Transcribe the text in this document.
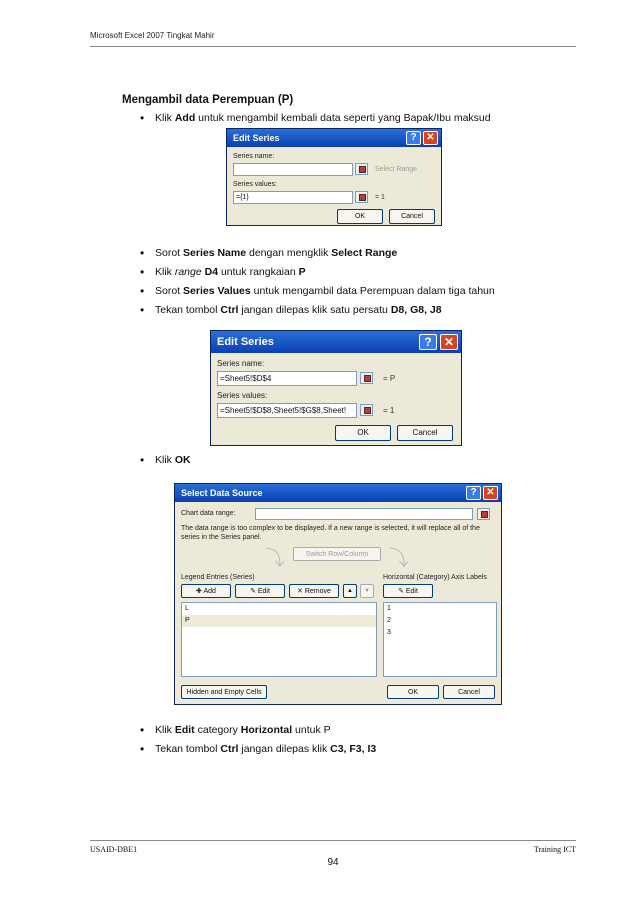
Microsoft Excel 2007 Tingkat Mahir
Mengambil data Perempuan (P)
• Klik Add untuk mengambil kembali data seperti yang Bapak/Ibu maksud
Edit Series	? ✕
Series name:
Select Range
Series values:
={1}	= 1
OK	Cancel
• Sorot Series Name dengan mengklik Select Range
• Klik range D4 untuk rangkaian P
• Sorot Series Values untuk mengambil data Perempuan dalam tiga tahun
• Tekan tombol Ctrl jangan dilepas klik satu persatu D8, G8, J8
Edit Series	?	✕
Series name:
=Sheet5!$D$4	= P
Series values:
=Sheet5!$D$8,Sheet5!$G$8,Sheet!	= 1
OK	Cancel
• Klik OK
Select Data Source	? ✕
Chart data range:
The data range is too complex to be displayed. If a new range is selected, it will replace all of the series in the Series panel.
⤵	Switch Row/Column	⤵
Legend Entries (Series)
✚ Add	✎ Edit	✕ Remove	▲	▼
L
P
Horizontal (Category) Axis Labels
✎ Edit
1
2
3
Hidden and Empty Cells	OK	Cancel
• Klik Edit category Horizontal untuk P
• Tekan tombol Ctrl jangan dilepas klik C3, F3, I3
USAID-DBE1	Training ICT
94
